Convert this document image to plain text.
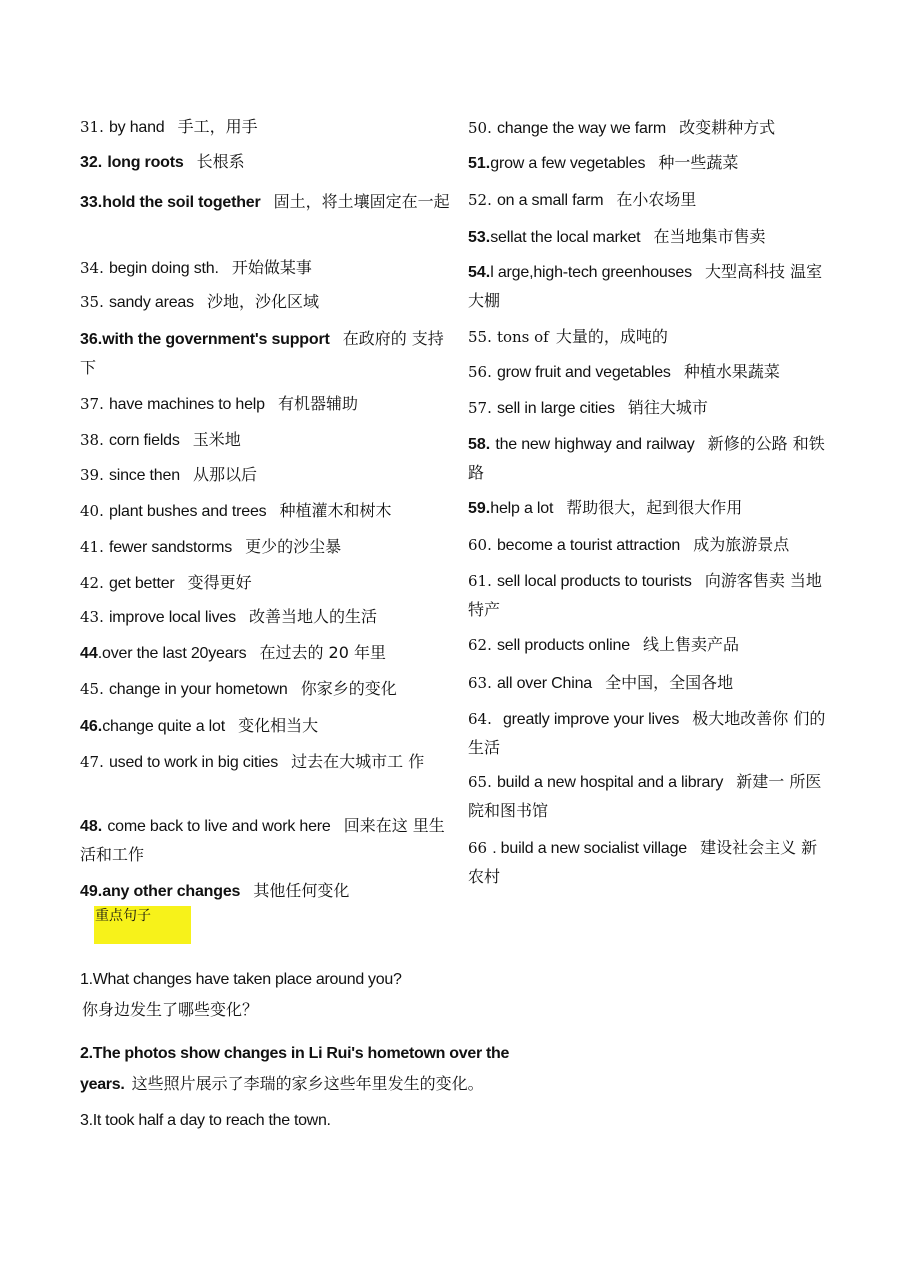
31. by hand 手工，用手
32. long roots 长根系
33.hold the soil together 固土，将土壤固定在一起
34. begin doing sth. 开始做某事
35. sandy areas 沙地，沙化区域
36.with the government's support 在政府的 支持下
37. have machines to help 有机器辅助
38. corn fields 玉米地
39. since then 从那以后
40. plant bushes and trees 种植灌木和树木
41. fewer sandstorms 更少的沙尘暴
42. get better 变得更好
43. improve local lives 改善当地人的生活
44.over the last 20years 在过去的 20 年里
45. change in your hometown 你家乡的变化
46.change quite a lot 变化相当大
47. used to work in big cities 过去在大城市工 作
48. come back to live and work here 回来在这 里生活和工作
49.any other changes 其他任何变化
50. change the way we farm 改变耕种方式
51.grow a few vegetables 种一些蔬菜
52. on a small farm 在小农场里
53.sellat the local market 在当地集市售卖
54.l arge,high-tech greenhouses 大型高科技 温室大棚
55. tons of 大量的，成吨的
56. grow fruit and vegetables 种植水果蔬菜
57. sell in large cities 销往大城市
58. the new highway and railway 新修的公路 和铁路
59.help a lot 帮助很大，起到很大作用
60. become a tourist attraction 成为旅游景点
61. sell local products to tourists 向游客售卖 当地特产
62. sell products online 线上售卖产品
63. all over China 全中国，全国各地
64. greatly improve your lives 极大地改善你 们的生活
65. build a new hospital and a library 新建一 所医院和图书馆
66 . build a new socialist village 建设社会主义 新农村
重点句子
1.What changes have taken place around you? 你身边发生了哪些变化？
2.The photos show changes in Li Rui's hometown over the years. 这些照片展示了李瑞的家乡这些年里发生的变化。
3.It took half a day to reach the town.
